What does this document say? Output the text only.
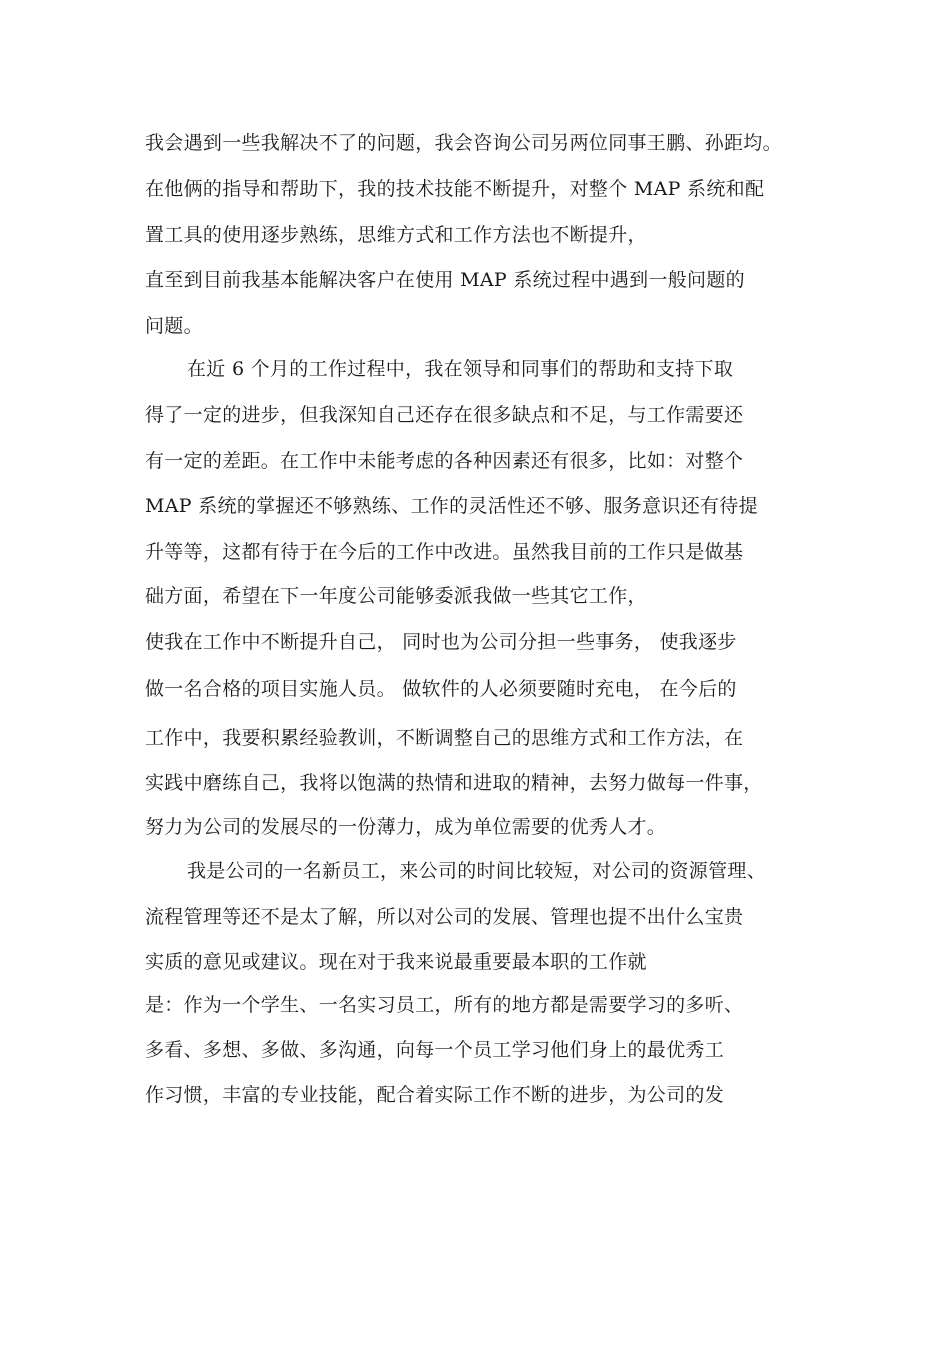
我会遇到一些我解决不了的问题，我会咨询公司另两位同事王鹏、孙距均。
在他俩的指导和帮助下，我的技术技能不断提升，对整个 MAP 系统和配
置工具的使用逐步熟练，思维方式和工作方法也不断提升，
直至到目前我基本能解决客户在使用 MAP 系统过程中遇到一般问题的
问题。
在近 6 个月的工作过程中，我在领导和同事们的帮助和支持下取
得了一定的进步，但我深知自己还存在很多缺点和不足，与工作需要还
有一定的差距。在工作中未能考虑的各种因素还有很多，比如：对整个
MAP 系统的掌握还不够熟练、工作的灵活性还不够、服务意识还有待提
升等等，这都有待于在今后的工作中改进。虽然我目前的工作只是做基
础方面，希望在下一年度公司能够委派我做一些其它工作，
使我在工作中不断提升自己， 同时也为公司分担一些事务， 使我逐步
做一名合格的项目实施人员。 做软件的人必须要随时充电， 在今后的
工作中，我要积累经验教训，不断调整自己的思维方式和工作方法，在
实践中磨练自己，我将以饱满的热情和进取的精神，去努力做每一件事，
努力为公司的发展尽的一份薄力，成为单位需要的优秀人才。
我是公司的一名新员工，来公司的时间比较短，对公司的资源管理、
流程管理等还不是太了解，所以对公司的发展、管理也提不出什么宝贵
实质的意见或建议。现在对于我来说最重要最本职的工作就
是：作为一个学生、一名实习员工，所有的地方都是需要学习的多听、
多看、多想、多做、多沟通，向每一个员工学习他们身上的最优秀工
作习惯，丰富的专业技能，配合着实际工作不断的进步，为公司的发
